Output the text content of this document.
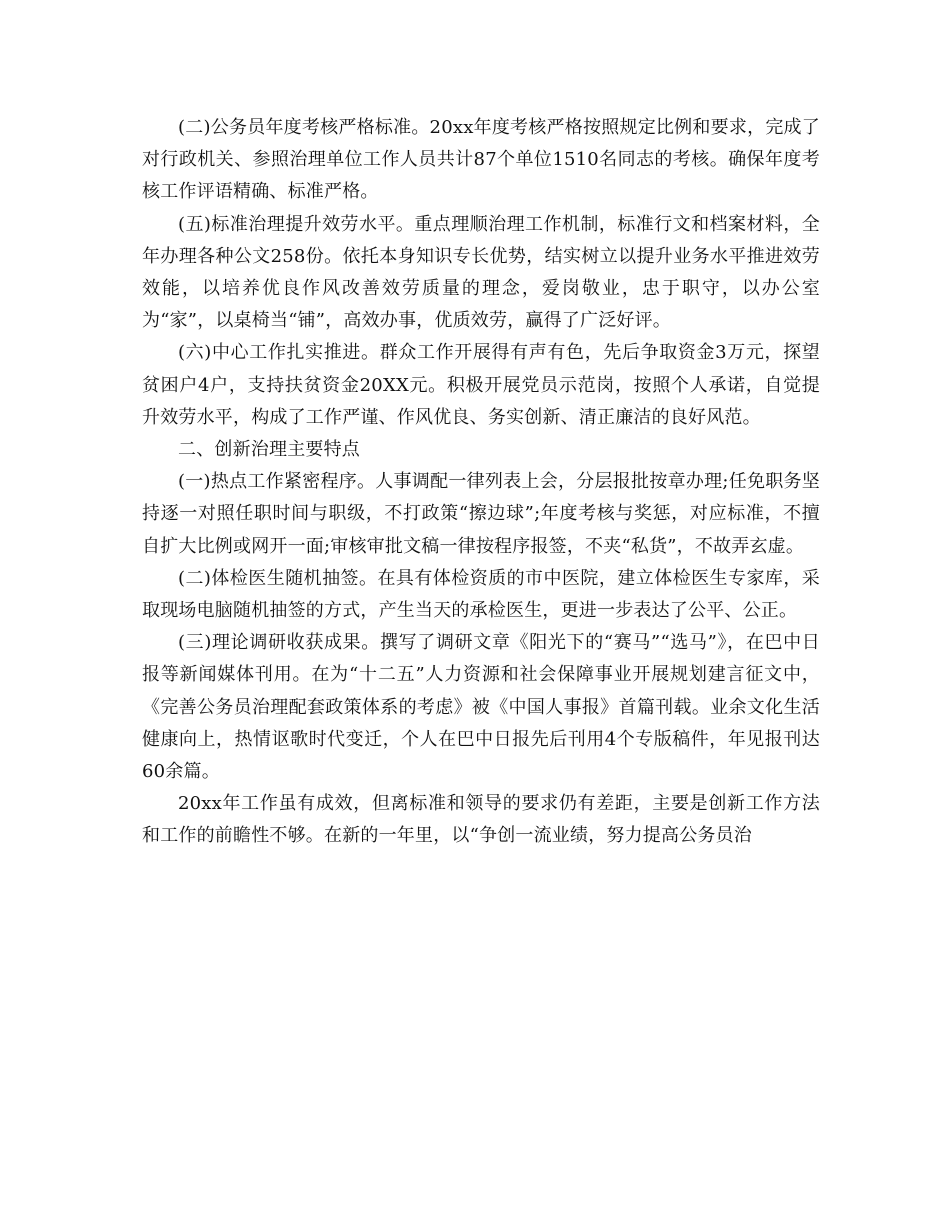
(二)公务员年度考核严格标准。20xx年度考核严格按照规定比例和要求，完成了对行政机关、参照治理单位工作人员共计87个单位1510名同志的考核。确保年度考核工作评语精确、标准严格。

(五)标准治理提升效劳水平。重点理顺治理工作机制，标准行文和档案材料，全年办理各种公文258份。依托本身知识专长优势，结实树立以提升业务水平推进效劳效能，以培养优良作风改善效劳质量的理念，爱岗敬业，忠于职守，以办公室为“家”，以桌椅当“铺”，高效办事，优质效劳，赢得了广泛好评。

(六)中心工作扎实推进。群众工作开展得有声有色，先后争取资金3万元，探望贫困户4户，支持扶贫资金20XX元。积极开展党员示范岗，按照个人承诺，自觉提升效劳水平，构成了工作严谨、作风优良、务实创新、清正廉洁的良好风范。

二、创新治理主要特点

(一)热点工作紧密程序。人事调配一律列表上会，分层报批按章办理;任免职务坚持逐一对照任职时间与职级，不打政策“擦边球”;年度考核与奖惩，对应标准，不擅自扩大比例或网开一面;审核审批文稿一律按程序报签，不夹“私货”，不故弄玄虚。

(二)体检医生随机抽签。在具有体检资质的市中医院，建立体检医生专家库，采取现场电脑随机抽签的方式，产生当天的承检医生，更进一步表达了公平、公正。

(三)理论调研收获成果。撰写了调研文章《阳光下的“赛马”“选马”》，在巴中日报等新闻媒体刊用。在为“十二五”人力资源和社会保障事业开展规划建言征文中，《完善公务员治理配套政策体系的考虑》被《中国人事报》首篇刊载。业余文化生活健康向上，热情讴歌时代变迁，个人在巴中日报先后刊用4个专版稿件，年见报刊达60余篇。

20xx年工作虽有成效，但离标准和领导的要求仍有差距，主要是创新工作方法和工作的前瞻性不够。在新的一年里，以“争创一流业绩，努力提高公务员治
